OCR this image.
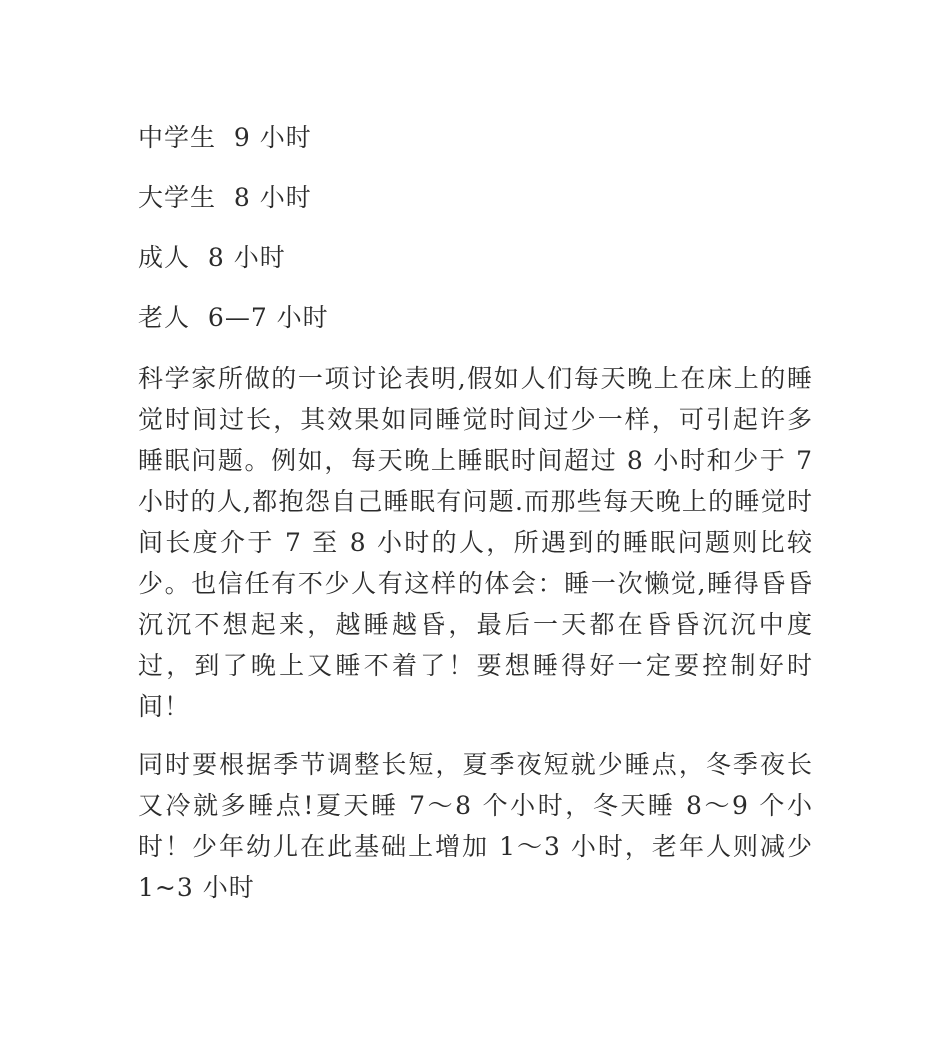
中学生 9 小时
大学生 8 小时
成人 8 小时
老人 6—7 小时

科学家所做的一项讨论表明,假如人们每天晚上在床上的睡觉时间过长，其效果如同睡觉时间过少一样，可引起许多睡眠问题。例如，每天晚上睡眠时间超过 8 小时和少于 7 小时的人,都抱怨自己睡眠有问题.而那些每天晚上的睡觉时间长度介于 7 至 8 小时的人，所遇到的睡眠问题则比较少。也信任有不少人有这样的体会：睡一次懒觉,睡得昏昏沉沉不想起来，越睡越昏，最后一天都在昏昏沉沉中度过，到了晚上又睡不着了！要想睡得好一定要控制好时间！

同时要根据季节调整长短，夏季夜短就少睡点，冬季夜长又冷就多睡点!夏天睡 7～8 个小时，冬天睡 8～9 个小时！少年幼儿在此基础上增加 1～3 小时，老年人则减少 1~3 小时
